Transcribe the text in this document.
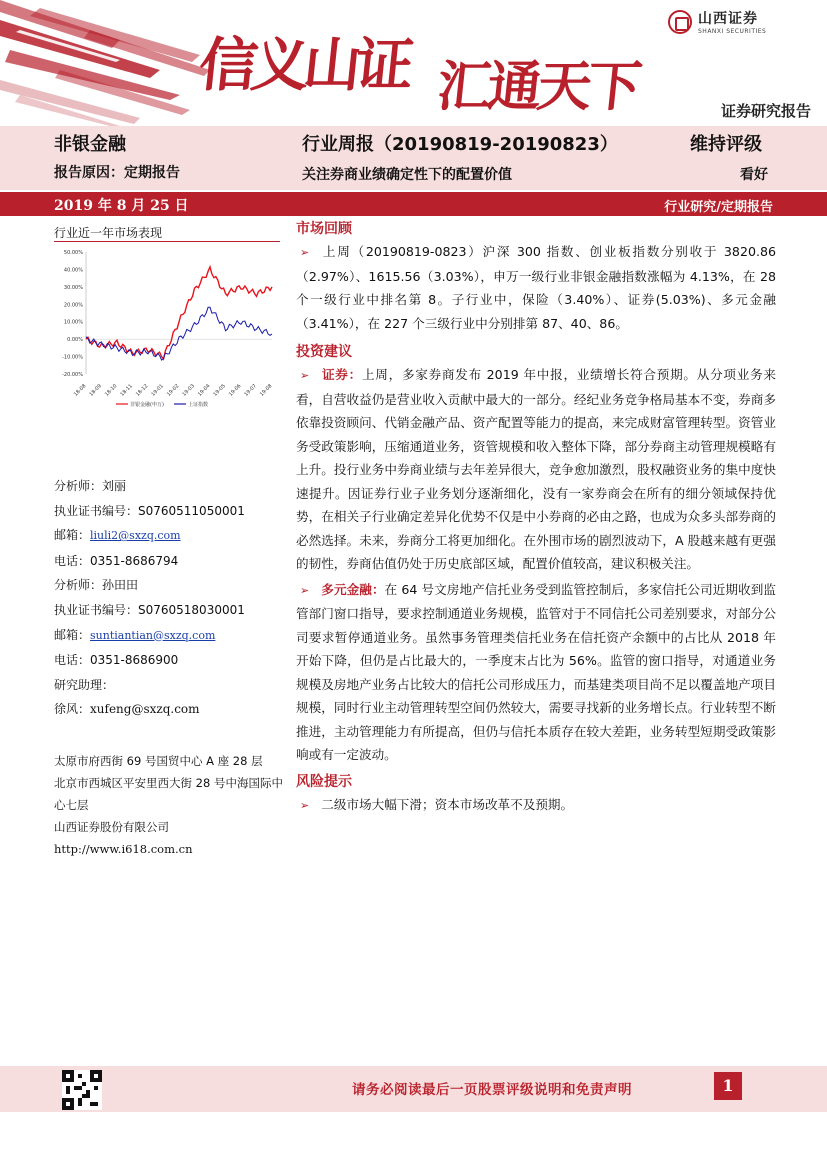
山西证券
SHANXI SECURITIES
信义山证 汇通天下	证券研究报告
非银金融	行业周报（20190819-20190823）	维持评级
报告原因：定期报告	关注券商业绩确定性下的配置价值	看好
2019 年 8 月 25 日	行业研究/定期报告
行业近一年市场表现
50.00%
40.00%
30.00%
20.00%
10.00%
0.00%
-10.00%
-20.00%
18-08 18-09 18-10 18-11 18-12 19-01 19-02 19-03 19-04 19-05 19-06 19-07 19-08
非银金融(申万)	上证指数
分析师：刘丽
执业证书编号：S0760511050001
邮箱：liuli2@sxzq.com
电话：0351-8686794
分析师：孙田田
执业证书编号：S0760518030001
邮箱：suntiantian@sxzq.com
电话：0351-8686900
研究助理：
徐风：xufeng@sxzq.com
太原市府西街 69 号国贸中心 A 座 28 层
北京市西城区平安里西大街 28 号中海国际中心七层
山西证券股份有限公司
http://www.i618.com.cn
市场回顾
➢ 上周（20190819-0823）沪深 300 指数、创业板指数分别收于 3820.86（2.97%）、1615.56（3.03%），申万一级行业非银金融指数涨幅为 4.13%，在 28 个一级行业中排名第 8。子行业中，保险（3.40%）、证券(5.03%)、多元金融（3.41%），在 227 个三级行业中分别排第 87、40、86。
投资建议
➢ 证券：上周，多家券商发布 2019 年中报，业绩增长符合预期。从分项业务来看，自营收益仍是营业收入贡献中最大的一部分。经纪业务竞争格局基本不变，券商多依靠投资顾问、代销金融产品、资产配置等能力的提高，来完成财富管理转型。资管业务受政策影响，压缩通道业务，资管规模和收入整体下降，部分券商主动管理规模略有上升。投行业务中券商业绩与去年差异很大，竞争愈加激烈，股权融资业务的集中度快速提升。因证券行业子业务划分逐渐细化，没有一家券商会在所有的细分领域保持优势，在相关子行业确定差异化优势不仅是中小券商的必由之路，也成为众多头部券商的必然选择。未来，券商分工将更加细化。在外围市场的剧烈波动下，A 股越来越有更强的韧性，券商估值仍处于历史底部区域，配置价值较高，建议积极关注。
➢ 多元金融：在 64 号文房地产信托业务受到监管控制后，多家信托公司近期收到监管部门窗口指导，要求控制通道业务规模，监管对于不同信托公司差别要求，对部分公司要求暂停通道业务。虽然事务管理类信托业务在信托资产余额中的占比从 2018 年开始下降，但仍是占比最大的，一季度末占比为 56%。监管的窗口指导，对通道业务规模及房地产业务占比较大的信托公司形成压力，而基建类项目尚不足以覆盖地产项目规模，同时行业主动管理转型空间仍然较大，需要寻找新的业务增长点。行业转型不断推进，主动管理能力有所提高，但仍与信托本质存在较大差距，业务转型短期受政策影响或有一定波动。
风险提示
➢ 二级市场大幅下滑；资本市场改革不及预期。
请务必阅读最后一页股票评级说明和免责声明	1
